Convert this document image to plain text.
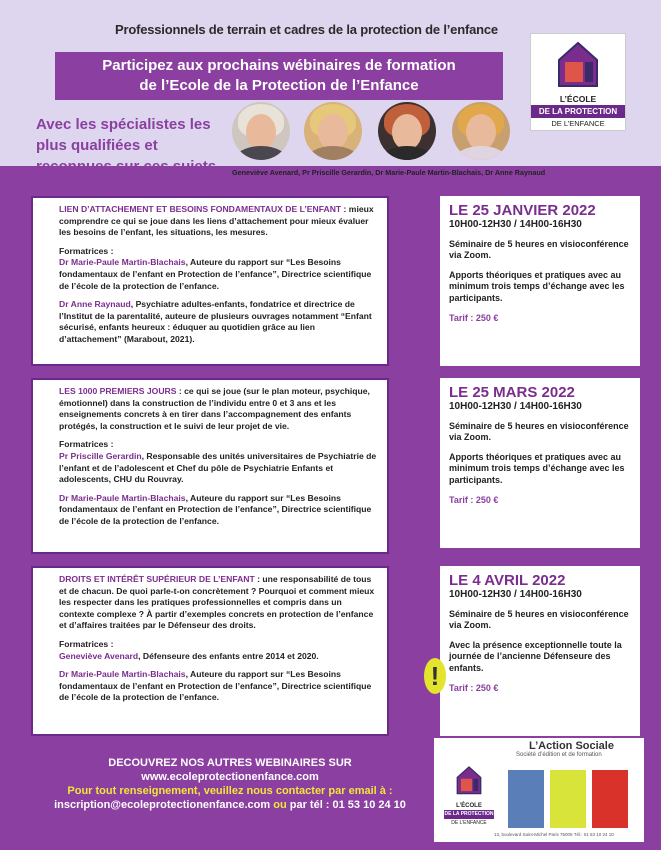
Professionnels de terrain et cadres de la protection de l’enfance
Participez aux prochains wébinaires de formation
de l’Ecole de la Protection de l’Enfance
L’ÉCOLE
DE LA PROTECTION
DE L’ENFANCE
Avec les spécialistes les plus qualifiées et reconnues sur ces sujets	Geneviève Avenard, Pr Priscille Gerardin, Dr Marie-Paule Martin-Blachais, Dr Anne Raynaud

LIEN D’ATTACHEMENT ET BESOINS FONDAMENTAUX DE L’ENFANT : mieux comprendre ce qui se joue dans les liens d’attachement pour mieux évaluer les besoins de l’enfant, les situations, les mesures.

Formatrices :
Dr Marie-Paule Martin-Blachais, Auteure du rapport sur “Les Besoins fondamentaux de l’enfant en Protection de l’enfance”, Directrice scientifique de l’école de la protection de l’enfance.

Dr Anne Raynaud, Psychiatre adultes-enfants, fondatrice et directrice de l’Institut de la parentalité, auteure de plusieurs ouvrages notamment “Enfant sécurisé, enfants heureux : éduquer au quotidien grâce au lien d’attachement” (Marabout, 2021).

LE 25 JANVIER 2022
10H00-12H30 / 14H00-16H30

Séminaire de 5 heures en visioconférence via Zoom.

Apports théoriques et pratiques avec au minimum trois temps d’échange avec les participants.

Tarif : 250 €

LES 1000 PREMIERS JOURS : ce qui se joue (sur le plan moteur, psychique, émotionnel) dans la construction de l’individu entre 0 et 3 ans et les enseignements concrets à en tirer dans l’accompagnement des enfants protégés, la construction et le suivi de leur projet de vie.

Formatrices :
Pr Priscille Gerardin, Responsable des unités universitaires de Psychiatrie de l’enfant et de l’adolescent et Chef du pôle de Psychiatrie Enfants et adolescents, CHU du Rouvray.

Dr Marie-Paule Martin-Blachais, Auteure du rapport sur “Les Besoins fondamentaux de l’enfant en Protection de l’enfance”, Directrice scientifique de l’école de la protection de l’enfance.

LE 25 MARS 2022
10H00-12H30 / 14H00-16H30

Séminaire de 5 heures en visioconférence via Zoom.

Apports théoriques et pratiques avec au minimum trois temps d’échange avec les participants.

Tarif : 250 €

DROITS ET INTÉRÊT SUPÉRIEUR DE L’ENFANT : une responsabilité de tous et de chacun. De quoi parle-t-on concrètement ? Pourquoi et comment mieux les respecter dans les pratiques professionnelles et compris dans un contexte complexe ? À partir d’exemples concrets en protection de l’enfance et d’affaires traitées par le Défenseur des droits.

Formatrices :
Geneviève Avenard, Défenseure des enfants entre 2014 et 2020.

Dr Marie-Paule Martin-Blachais, Auteure du rapport sur “Les Besoins fondamentaux de l’enfant en Protection de l’enfance”, Directrice scientifique de l’école de la protection de l’enfance.

LE 4 AVRIL 2022
10H00-12H30 / 14H00-16H30

Séminaire de 5 heures en visioconférence via Zoom.

Avec la présence exceptionnelle toute la journée de l’ancienne Défenseure des enfants.

Tarif : 250 €

!
DECOUVREZ NOS AUTRES WEBINAIRES SUR
www.ecoleprotectionenfance.com
Pour tout renseignement, veuillez nous contacter par email à :
inscription@ecoleprotectionenfance.com ou par tél : 01 53 10 24 10
L’Action Sociale
Société d’édition et de formation
L’ÉCOLE
DE LA PROTECTION
DE L’ENFANCE
13, boulevard Saint-Michel Paris 75005 Tél.: 01 53 10 24 10
